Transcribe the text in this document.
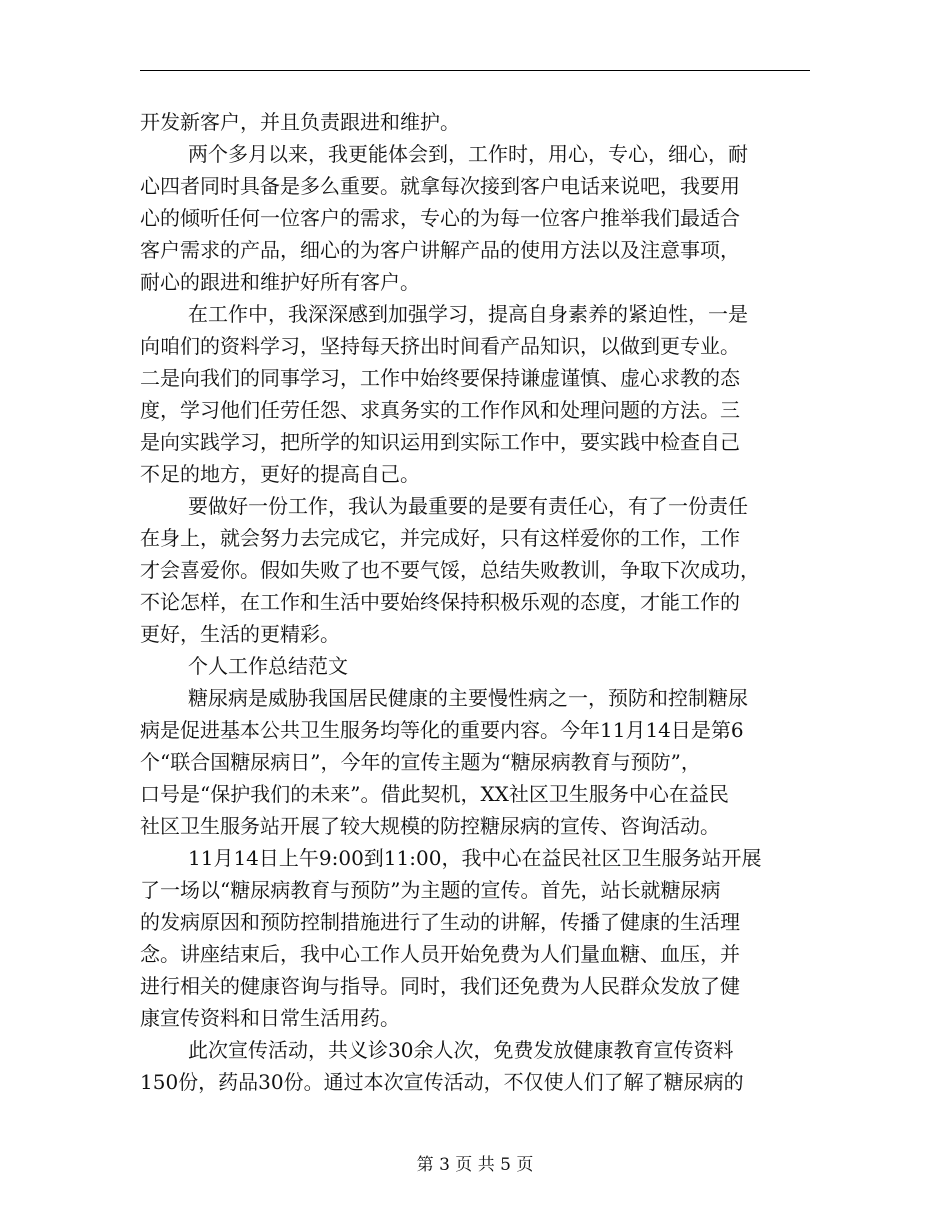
开发新客户，并且负责跟进和维护。
两个多月以来，我更能体会到，工作时，用心，专心，细心，耐
心四者同时具备是多么重要。就拿每次接到客户电话来说吧，我要用
心的倾听任何一位客户的需求，专心的为每一位客户推举我们最适合
客户需求的产品，细心的为客户讲解产品的使用方法以及注意事项，
耐心的跟进和维护好所有客户。
在工作中，我深深感到加强学习，提高自身素养的紧迫性，一是
向咱们的资料学习，坚持每天挤出时间看产品知识，以做到更专业。
二是向我们的同事学习，工作中始终要保持谦虚谨慎、虚心求教的态
度，学习他们任劳任怨、求真务实的工作作风和处理问题的方法。三
是向实践学习，把所学的知识运用到实际工作中，要实践中检查自己
不足的地方，更好的提高自己。
要做好一份工作，我认为最重要的是要有责任心，有了一份责任
在身上，就会努力去完成它，并完成好，只有这样爱你的工作，工作
才会喜爱你。假如失败了也不要气馁，总结失败教训，争取下次成功，
不论怎样，在工作和生活中要始终保持积极乐观的态度，才能工作的
更好，生活的更精彩。
个人工作总结范文
糖尿病是威胁我国居民健康的主要慢性病之一，预防和控制糖尿
病是促进基本公共卫生服务均等化的重要内容。今年11月14日是第6
个“联合国糖尿病日”，今年的宣传主题为“糖尿病教育与预防”，
口号是“保护我们的未来”。借此契机，XX社区卫生服务中心在益民
社区卫生服务站开展了较大规模的防控糖尿病的宣传、咨询活动。
11月14日上午9:00到11:00，我中心在益民社区卫生服务站开展
了一场以“糖尿病教育与预防”为主题的宣传。首先，站长就糖尿病
的发病原因和预防控制措施进行了生动的讲解，传播了健康的生活理
念。讲座结束后，我中心工作人员开始免费为人们量血糖、血压，并
进行相关的健康咨询与指导。同时，我们还免费为人民群众发放了健
康宣传资料和日常生活用药。
此次宣传活动，共义诊30余人次，免费发放健康教育宣传资料
150份，药品30份。通过本次宣传活动，不仅使人们了解了糖尿病的
第 3 页 共 5 页
